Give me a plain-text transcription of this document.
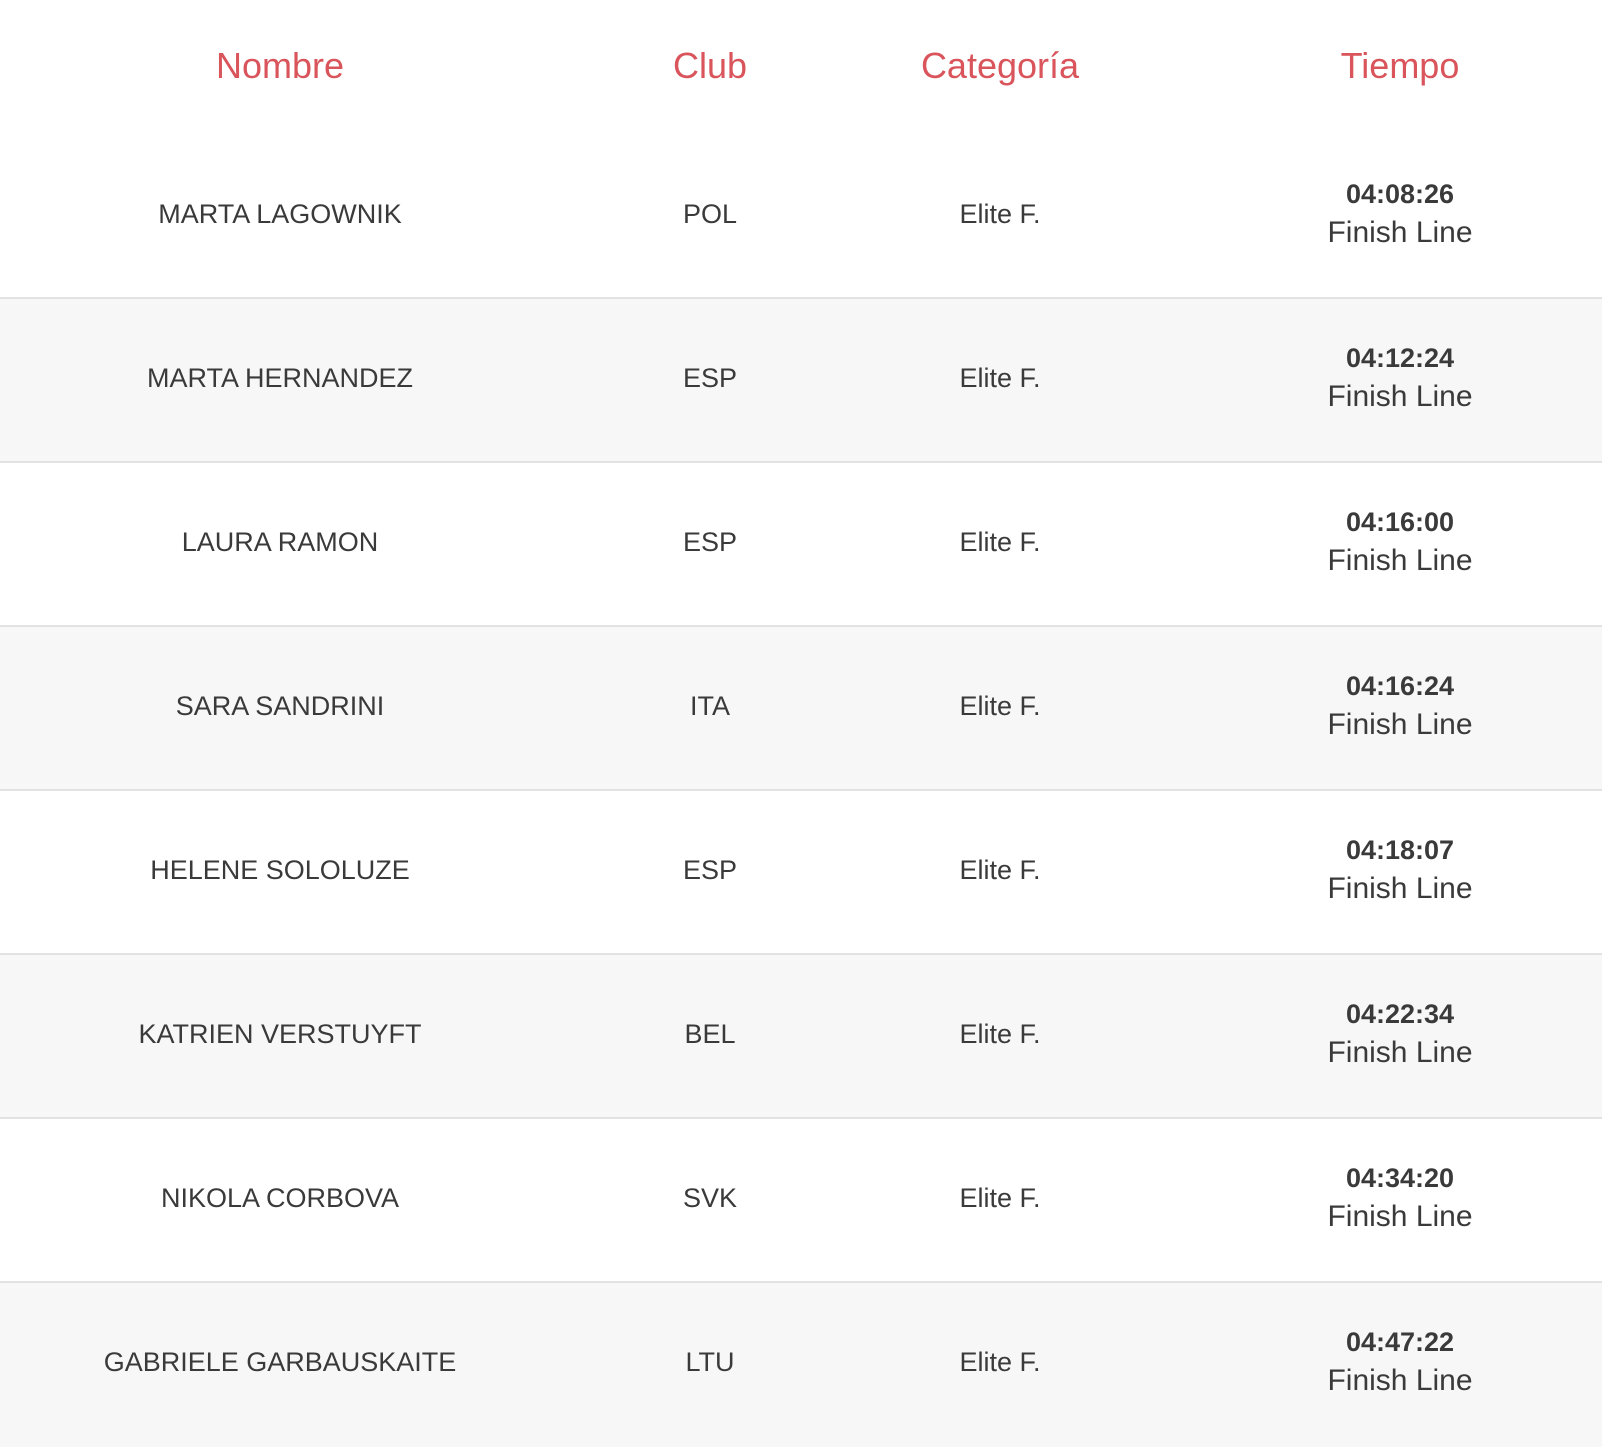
Nombre	Club	Categoría	Tiempo
MARTA LAGOWNIK	POL	Elite F.
04:08:26
Finish Line
MARTA HERNANDEZ	ESP	Elite F.
04:12:24
Finish Line
LAURA RAMON	ESP	Elite F.
04:16:00
Finish Line
SARA SANDRINI	ITA	Elite F.
04:16:24
Finish Line
HELENE SOLOLUZE	ESP	Elite F.
04:18:07
Finish Line
KATRIEN VERSTUYFT	BEL	Elite F.
04:22:34
Finish Line
NIKOLA CORBOVA	SVK	Elite F.
04:34:20
Finish Line
GABRIELE GARBAUSKAITE	LTU	Elite F.
04:47:22
Finish Line
